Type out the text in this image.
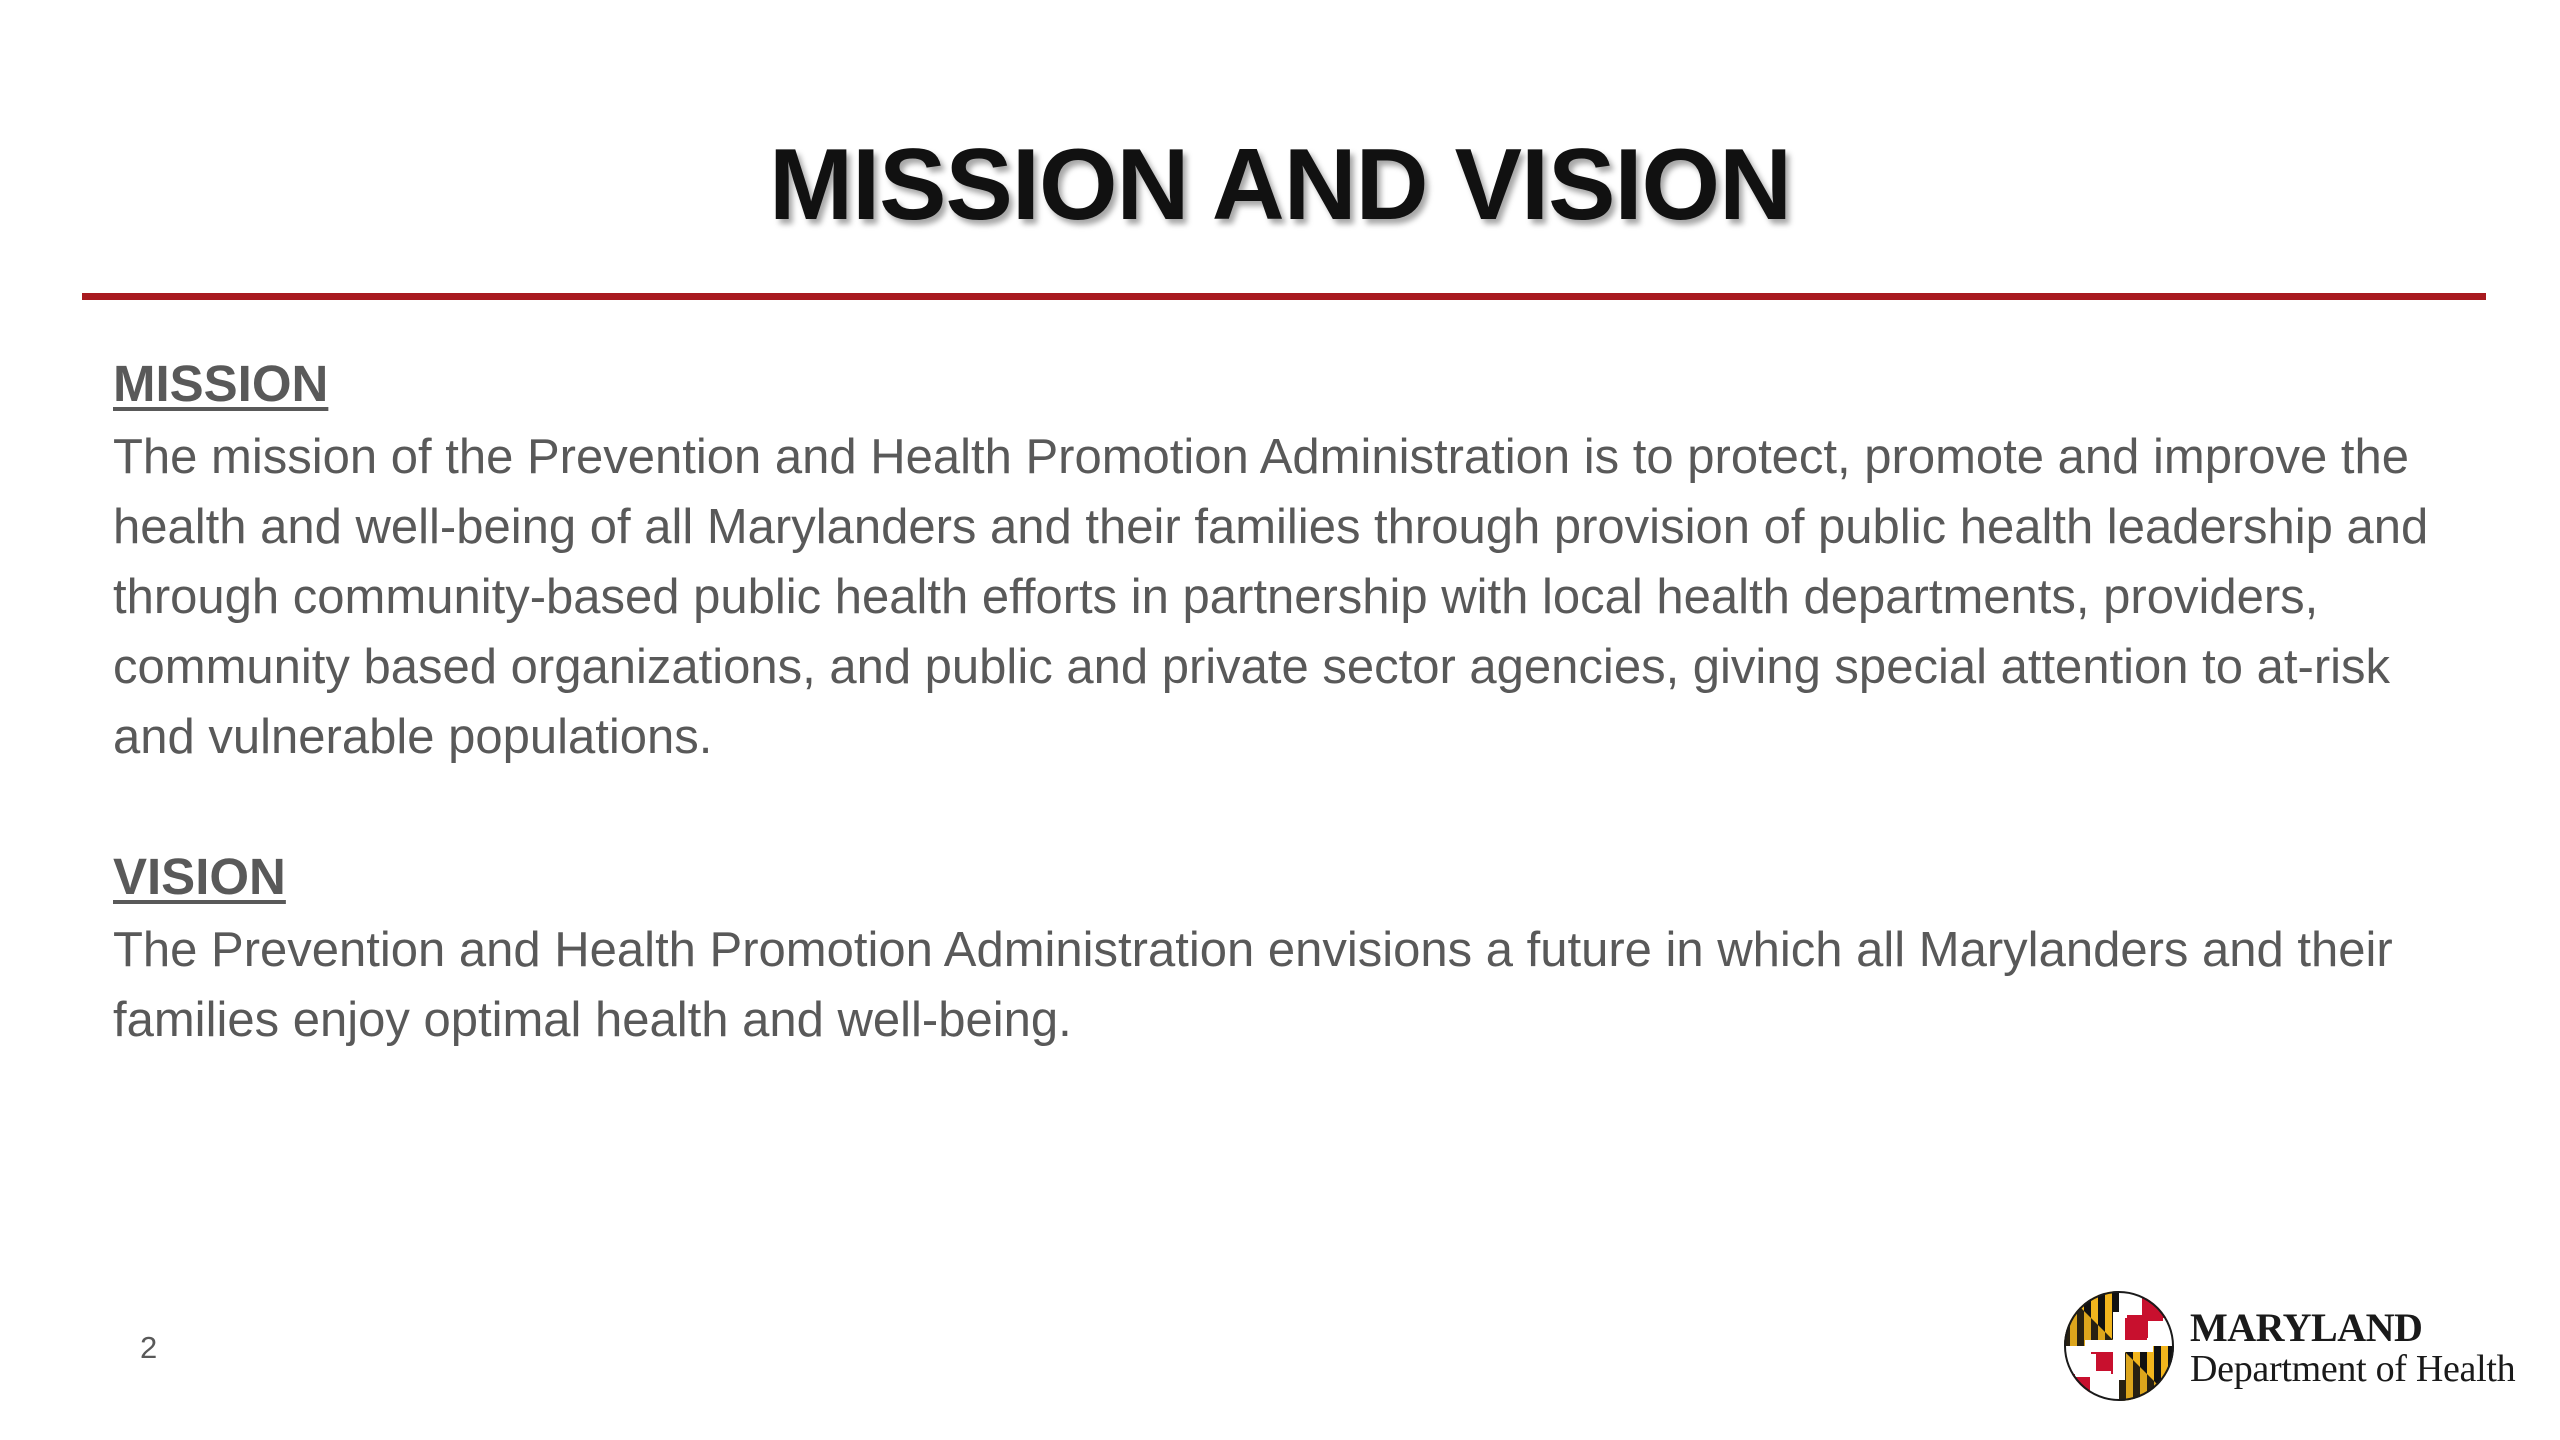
MISSION AND VISION
MISSION
The mission of the Prevention and Health Promotion Administration is to protect, promote and improve the health and well-being of all Marylanders and their families through provision of public health leadership and through community-based public health efforts in partnership with local health departments, providers, community based organizations, and public and private sector agencies, giving special attention to at-risk and vulnerable populations.
VISION
The Prevention and Health Promotion Administration envisions a future in which all Marylanders and their families enjoy optimal health and well-being.
2	MARYLAND
Department of Health
